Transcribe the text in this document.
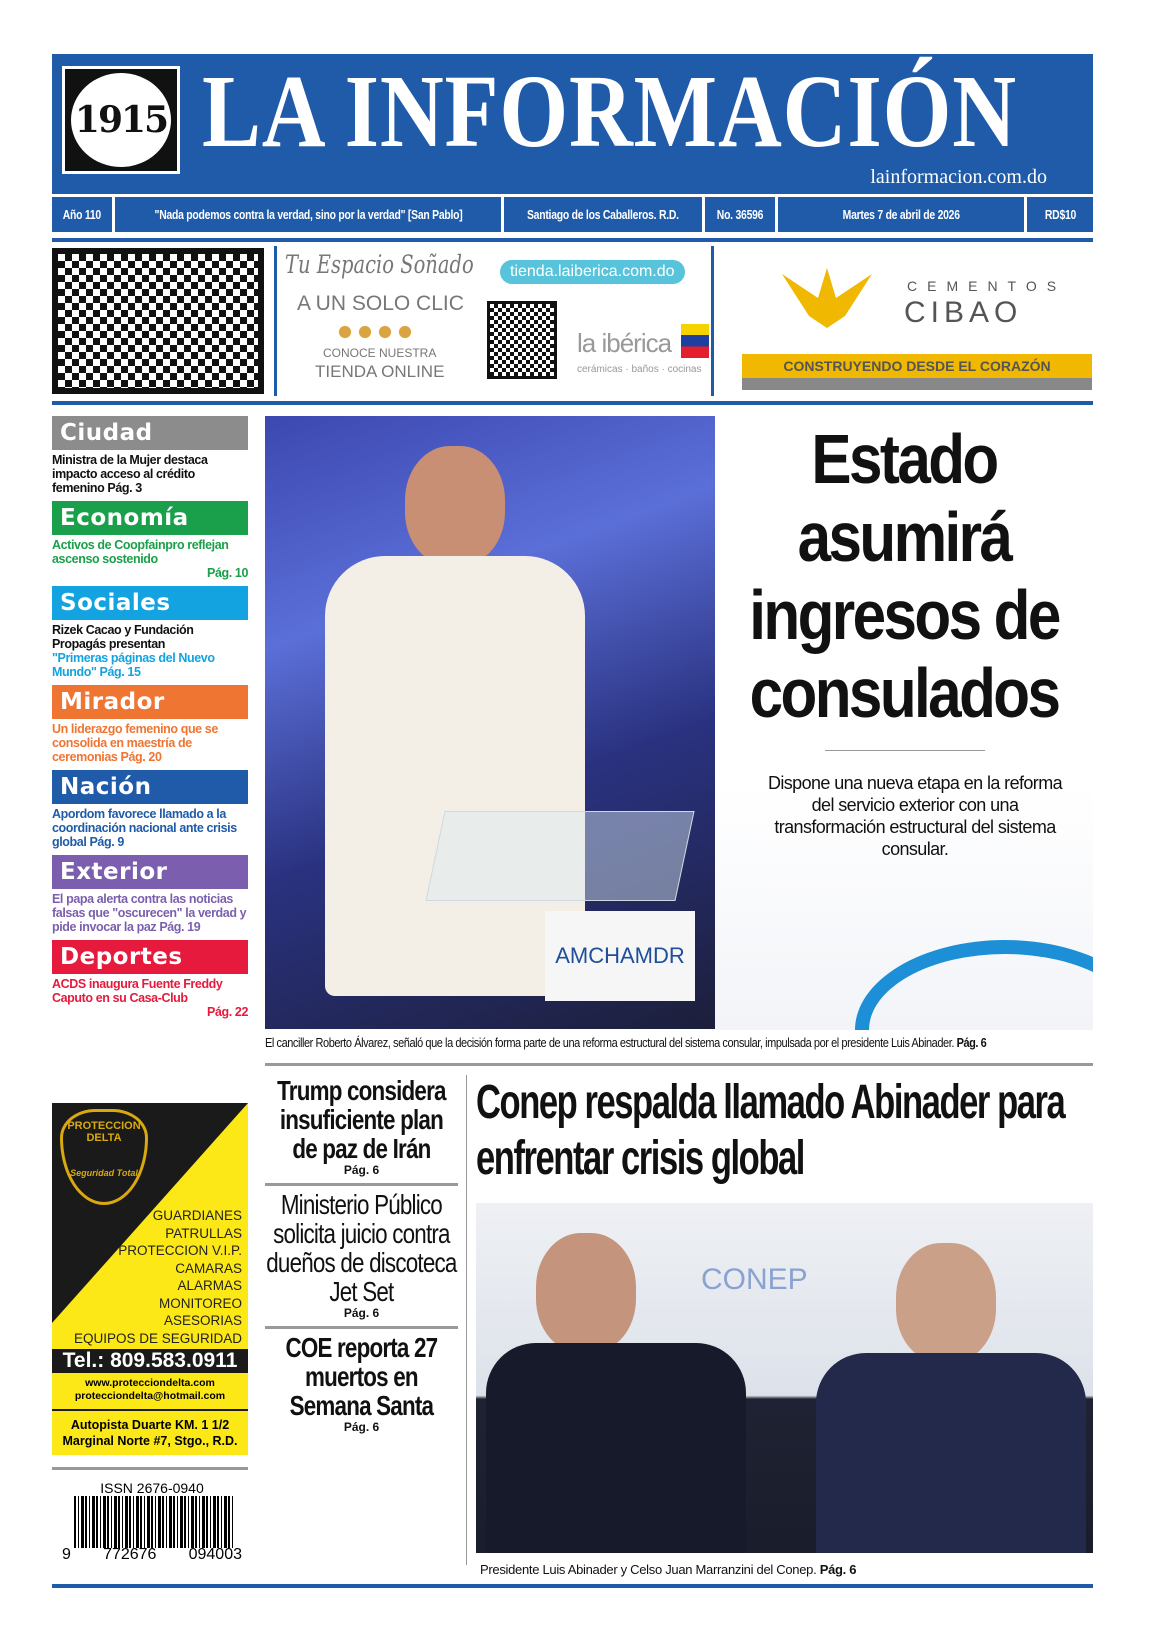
1915 LA INFORMACIÓN
lainformacion.com.do
Año 110	"Nada podemos contra la verdad, sino por la verdad" [San Pablo]	Santiago de los Caballeros. R.D.	No. 36596	Martes 7 de abril de 2026	RD$10
Tu Espacio Soñado
A UN SOLO CLIC
CONOCE NUESTRA
TIENDA ONLINE
tienda.laiberica.com.do
la ibérica
cerámicas · baños · cocinas
CEMENTOS
CIBAO
CONSTRUYENDO DESDE EL CORAZÓN
Ciudad
Ministra de la Mujer destaca impacto acceso al crédito femenino Pág. 3
Economía
Activos de Coopfainpro reflejan ascenso sostenido
Pág. 10
Sociales
Rizek Cacao y Fundación Propagás presentan
"Primeras páginas del Nuevo Mundo" Pág. 15
Mirador
Un liderazgo femenino que se consolida en maestría de ceremonias Pág. 20
Nación
Apordom favorece llamado a la coordinación nacional ante crisis global Pág. 9
Exterior
El papa alerta contra las noticias falsas que "oscurecen" la verdad y pide invocar la paz Pág. 19
Deportes
ACDS inaugura Fuente Freddy Caputo en su Casa-Club
Pág. 22
PROTECCION
DELTA
Seguridad Total
GUARDIANES
PATRULLAS
PROTECCION V.I.P.
CAMARAS
ALARMAS
MONITOREO
ASESORIAS
EQUIPOS DE SEGURIDAD
Tel.: 809.583.0911
www.protecciondelta.com
protecciondelta@hotmail.com
Autopista Duarte KM. 1 1/2
Marginal Norte #7, Stgo., R.D.
ISSN 2676-0940
9 772676 094003
AMCHAMDR
Estado asumirá ingresos de consulados
Dispone una nueva etapa en la reforma del servicio exterior con una transformación estructural del sistema consular.
El canciller Roberto Álvarez, señaló que la decisión forma parte de una reforma estructural del sistema consular, impulsada por el presidente Luis Abinader. Pág. 6
Trump considera insuficiente plan de paz de Irán
Pág. 6
Ministerio Público solicita juicio contra dueños de discoteca Jet Set
Pág. 6
COE reporta 27 muertos en Semana Santa
Pág. 6
Conep respalda llamado Abinader para enfrentar crisis global
CONEP
Presidente Luis Abinader y Celso Juan Marranzini del Conep. Pág. 6
